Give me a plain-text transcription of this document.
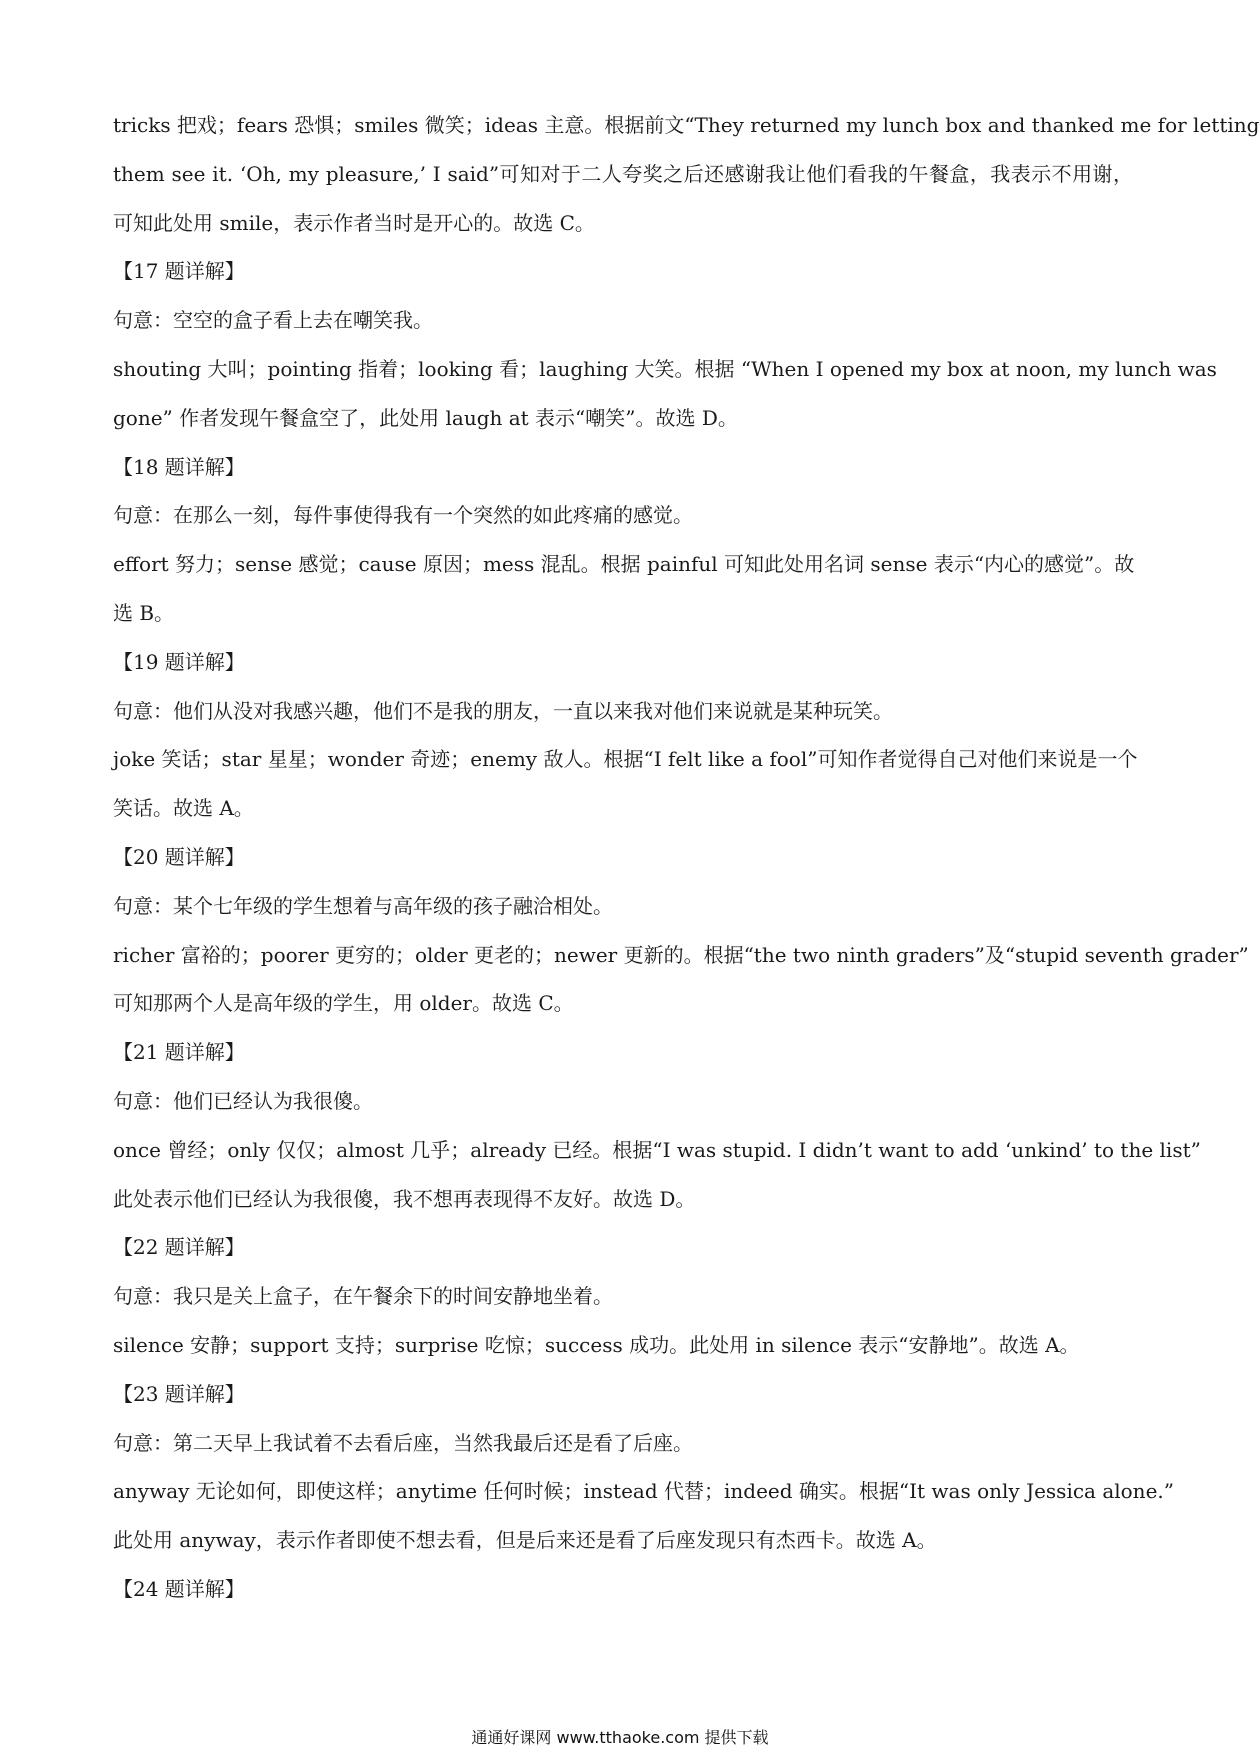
tricks 把戏；fears 恐惧；smiles 微笑；ideas 主意。根据前文“They returned my lunch box and thanked me for letting
them see it. ‘Oh, my pleasure,’ I said”可知对于二人夸奖之后还感谢我让他们看我的午餐盒，我表示不用谢，
可知此处用 smile，表示作者当时是开心的。故选 C。
【17 题详解】
句意：空空的盒子看上去在嘲笑我。
shouting 大叫；pointing 指着；looking 看；laughing 大笑。根据 “When I opened my box at noon, my lunch was
gone” 作者发现午餐盒空了，此处用 laugh at 表示“嘲笑”。故选 D。
【18 题详解】
句意：在那么一刻，每件事使得我有一个突然的如此疼痛的感觉。
effort 努力；sense 感觉；cause 原因；mess 混乱。根据 painful 可知此处用名词 sense 表示“内心的感觉”。故
选 B。
【19 题详解】
句意：他们从没对我感兴趣，他们不是我的朋友，一直以来我对他们来说就是某种玩笑。
joke 笑话；star 星星；wonder 奇迹；enemy 敌人。根据“I felt like a fool”可知作者觉得自己对他们来说是一个
笑话。故选 A。
【20 题详解】
句意：某个七年级的学生想着与高年级的孩子融洽相处。
richer 富裕的；poorer 更穷的；older 更老的；newer 更新的。根据“the two ninth graders”及“stupid seventh grader”
可知那两个人是高年级的学生，用 older。故选 C。
【21 题详解】
句意：他们已经认为我很傻。
once 曾经；only 仅仅；almost 几乎；already 已经。根据“I was stupid. I didn’t want to add ‘unkind’ to the list”
此处表示他们已经认为我很傻，我不想再表现得不友好。故选 D。
【22 题详解】
句意：我只是关上盒子，在午餐余下的时间安静地坐着。
silence 安静；support 支持；surprise 吃惊；success 成功。此处用 in silence 表示“安静地”。故选 A。
【23 题详解】
句意：第二天早上我试着不去看后座，当然我最后还是看了后座。
anyway 无论如何，即使这样；anytime 任何时候；instead 代替；indeed 确实。根据“It was only Jessica alone.”
此处用 anyway，表示作者即使不想去看，但是后来还是看了后座发现只有杰西卡。故选 A。
【24 题详解】
通通好课网 www.tthaoke.com 提供下载
